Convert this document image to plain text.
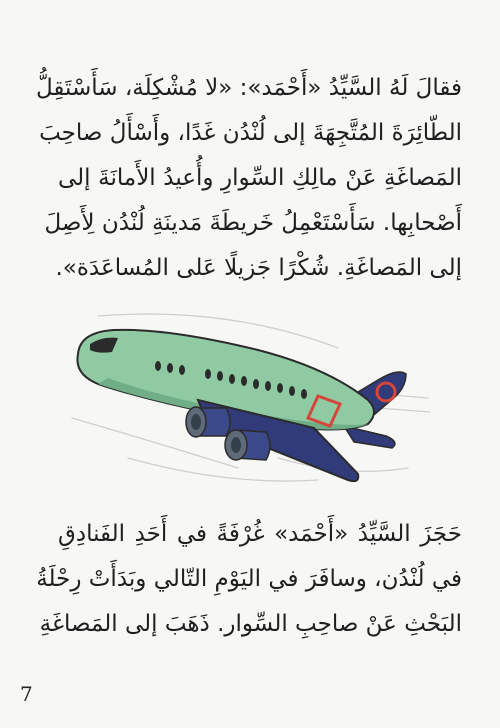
فقالَ لَهُ السَّيِّدُ «أَحْمَد»: «لا مُشْكِلَة، سَأَسْتَقِلُّ
الطّائِرَةَ المُتَّجِهَةَ إلى لُنْدُن غَدًا، وأَسْأَلُ صاحِبَ
المَصاغَةِ عَنْ مالِكِ السِّوارِ وأُعيدُ الأَمانَةَ إلى
أَصْحابِها. سَأَسْتَعْمِلُ خَريطَةَ مَدينَةِ لُنْدُن لِأَصِلَ
إلى المَصاغَةِ. شُكْرًا جَزيلًا عَلى المُساعَدَة».
حَجَزَ السَّيِّدُ «أَحْمَد» غُرْفَةً في أَحَدِ الفَنادِقِ
في لُنْدُن، وسافَرَ في اليَوْمِ التّالي وبَدَأَتْ رِحْلَةُ
البَحْثِ عَنْ صاحِبِ السِّوار. ذَهَبَ إلى المَصاغَةِ
7
